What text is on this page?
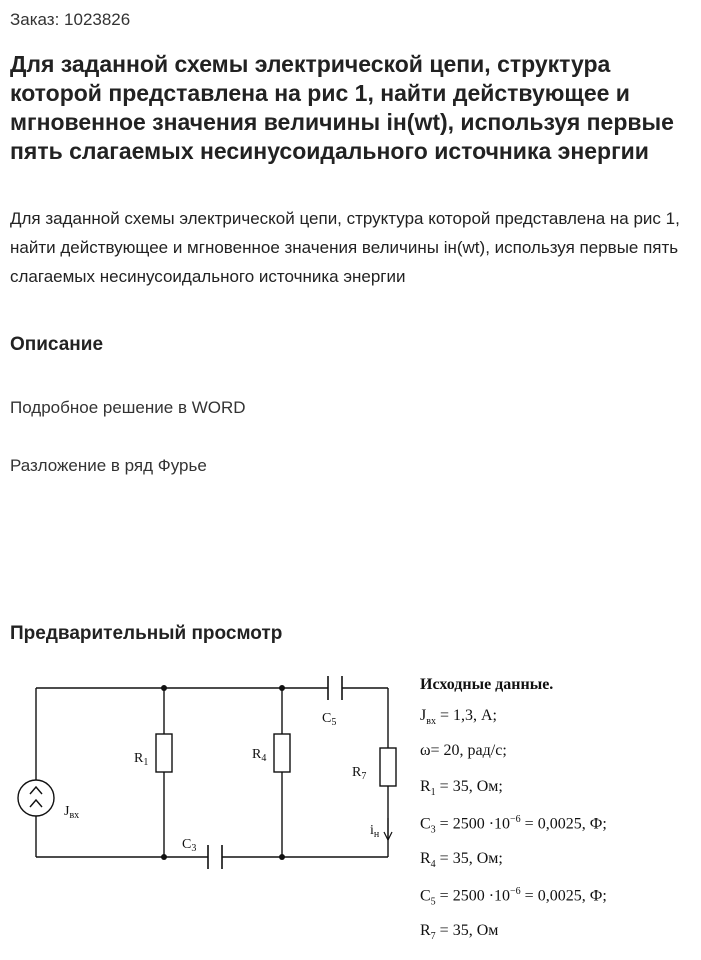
Заказ: 1023826
Для заданной схемы электрической цепи, структура которой представлена на рис 1, найти действующее и мгновенное значения величины iн(wt), используя первые пять слагаемых несинусоидального источника энергии

Для заданной схемы электрической цепи, структура которой представлена на рис 1, найти действующее и мгновенное значения величины iн(wt), используя первые пять слагаемых несинусоидального источника энергии

Описание

Подробное решение в WORD

Разложение в ряд Фурье

Предварительный просмотр
$R_1$
$R_4$
$R_7$
$C_5$
$C_3$
$J_{вх}$
$i_н$
Исходные данные.
$J_{вх} = 1,3$, А;
ω= 20, рад/с;
$R_1 = 35$, Ом;
$C_3 = 2500 \cdot 10^{-6} = 0,0025$, Ф;
$R_4 = 35$, Ом;
$C_5 = 2500 \cdot 10^{-6} = 0,0025$, Ф;
$R_7 = 35$, Ом
